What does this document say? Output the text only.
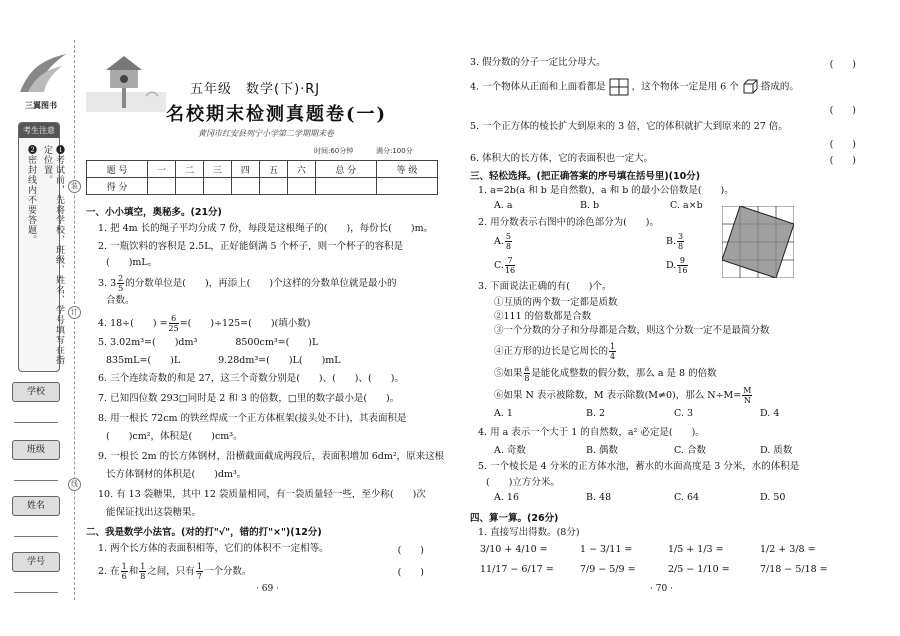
三翼图书
考生注意
❶考试前，先将学校、班级、姓名、学号填写在指定位置。
❷密封线内不要答题。	装
订
线
学校
班级
姓名
学号
五年级　数学(下)·RJ
名校期末检测真题卷(一)
黄冈市红安县列宁小学第二学期期末卷
时间:60分钟	满分:100分
题 号	一	二	三	四	五	六	总 分	等 级
得 分								
一、小小填空，奥秘多。(21分)
1. 把 4m 长的绳子平均分成 7 份，每段是这根绳子的(　　)，每份长(　　)m。
2. 一瓶饮料的容积是 2.5L，正好能倒满 5 个杯子，则一个杯子的容积是
(　　)mL。
3. $3 \frac{2}{5}$ 的分数单位是(　　)，再添上(　　)个这样的分数单位就是最小的
合数。
4. 18÷(　　) = $\frac{6}{25}$ =(　　)÷125=(　　)(填小数)
5. 3.02m³=(　　)dm³　　　　8500cm³=(　　)L
835mL=(　　)L　　　　9.28dm³=(　　)L(　　)mL
6. 三个连续奇数的和是 27，这三个奇数分别是(　　)、(　　)、(　　)。
7. 已知四位数 293□同时是 2 和 3 的倍数，□里的数字最小是(　　)。
8. 用一根长 72cm 的铁丝焊成一个正方体框架(接头处不计)，其表面积是
(　　)cm²，体积是(　　)cm³。
9. 一根长 2m 的长方体钢材，沿横截面截成两段后，表面积增加 6dm²，原来这根
长方体钢材的体积是(　　)dm³。
10. 有 13 袋糖果，其中 12 袋质量相同，有一袋质量轻一些，至少称(　　)次
能保证找出这袋糖果。
二、我是数学小法官。(对的打"√"，错的打"×")(12分)
1. 两个长方体的表面积相等，它们的体积不一定相等。	(　　)
2. 在 $\frac{1}{6}$ 和 $\frac{1}{8}$ 之间，只有 $\frac{1}{7}$ 一个分数。	(　　)
· 69 ·
3. 假分数的分子一定比分母大。	(　　)
4. 一个物体从正面和上面看都是	，这个物体一定是用 6 个 搭成的。
(　　)
5. 一个正方体的棱长扩大到原来的 3 倍，它的体积就扩大到原来的 27 倍。
(　　)
6. 体积大的长方体，它的表面积也一定大。	(　　)
三、轻松选择。(把正确答案的序号填在括号里)(10分)
1. a=2b(a 和 b 是自然数)，a 和 b 的最小公倍数是(　　)。
A. a	B. b	C. a×b
2. 用分数表示右图中的涂色部分为(　　)。
A. $\frac{5}{8}$	B. $\frac{3}{8}$
C. $\frac{7}{16}$	D. $\frac{9}{16}$
3. 下面说法正确的有(　　)个。
①互质的两个数一定都是质数
②111 的倍数都是合数
③一个分数的分子和分母都是合数，则这个分数一定不是最简分数
④正方形的边长是它周长的 $\frac{1}{4}$
⑤如果 $\frac{a}{8}$ 是能化成整数的假分数，那么 a 是 8 的倍数
⑥如果 N 表示被除数，M 表示除数(M≠0)，那么 $N\div M= \frac{M}{N}$
A. 1	B. 2	C. 3	D. 4
4. 用 a 表示一个大于 1 的自然数，a² 必定是(　　)。
A. 奇数	B. 偶数	C. 合数	D. 质数
5. 一个棱长是 4 分米的正方体水池，蓄水的水面高度是 3 分米，水的体积是
(　　)立方分米。
A. 16	B. 48	C. 64	D. 50
四、算一算。(26分)
1. 直接写出得数。(8分)
3/10 + 4/10 =	1 − 3/11 =	1/5 + 1/3 =	1/2 + 3/8 =
11/17 − 6/17 =	7/9 − 5/9 =	2/5 − 1/10 =	7/18 − 5/18 =
· 70 ·
